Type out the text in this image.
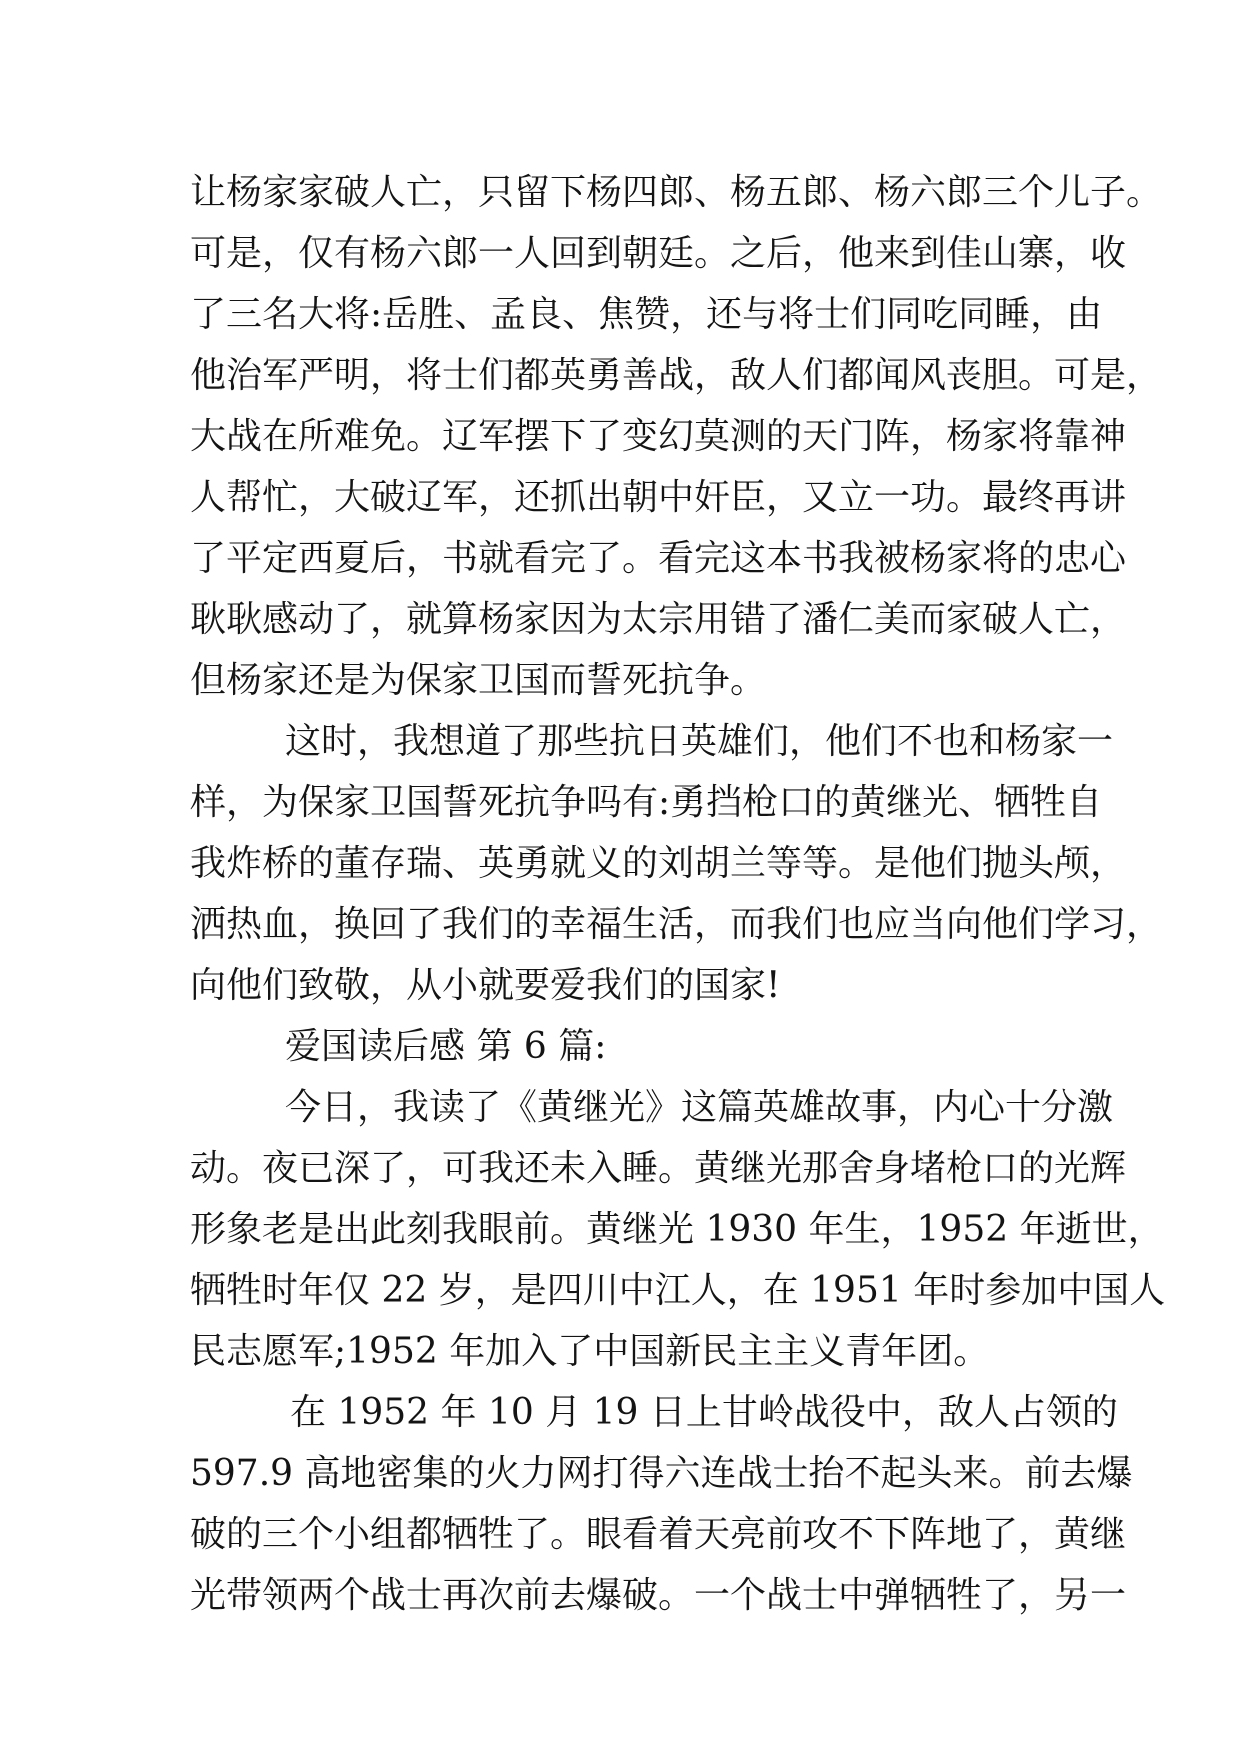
让杨家家破人亡，只留下杨四郎、杨五郎、杨六郎三个儿子。
可是，仅有杨六郎一人回到朝廷。之后，他来到佳山寨，收
了三名大将:岳胜、孟良、焦赞，还与将士们同吃同睡，由
他治军严明，将士们都英勇善战，敌人们都闻风丧胆。可是，
大战在所难免。辽军摆下了变幻莫测的天门阵，杨家将靠神
人帮忙，大破辽军，还抓出朝中奸臣，又立一功。最终再讲
了平定西夏后，书就看完了。看完这本书我被杨家将的忠心
耿耿感动了，就算杨家因为太宗用错了潘仁美而家破人亡，
但杨家还是为保家卫国而誓死抗争。
这时，我想道了那些抗日英雄们，他们不也和杨家一
样，为保家卫国誓死抗争吗有:勇挡枪口的黄继光、牺牲自
我炸桥的董存瑞、英勇就义的刘胡兰等等。是他们抛头颅，
洒热血，换回了我们的幸福生活，而我们也应当向他们学习，
向他们致敬，从小就要爱我们的国家!
爱国读后感 第 6 篇:
今日，我读了《黄继光》这篇英雄故事，内心十分激
动。夜已深了，可我还未入睡。黄继光那舍身堵枪口的光辉
形象老是出此刻我眼前。黄继光 1930 年生，1952 年逝世，
牺牲时年仅 22 岁，是四川中江人，在 1951 年时参加中国人
民志愿军;1952 年加入了中国新民主主义青年团。
在 1952 年 10 月 19 日上甘岭战役中，敌人占领的
597.9 高地密集的火力网打得六连战士抬不起头来。前去爆
破的三个小组都牺牲了。眼看着天亮前攻不下阵地了，黄继
光带领两个战士再次前去爆破。一个战士中弹牺牲了，另一
